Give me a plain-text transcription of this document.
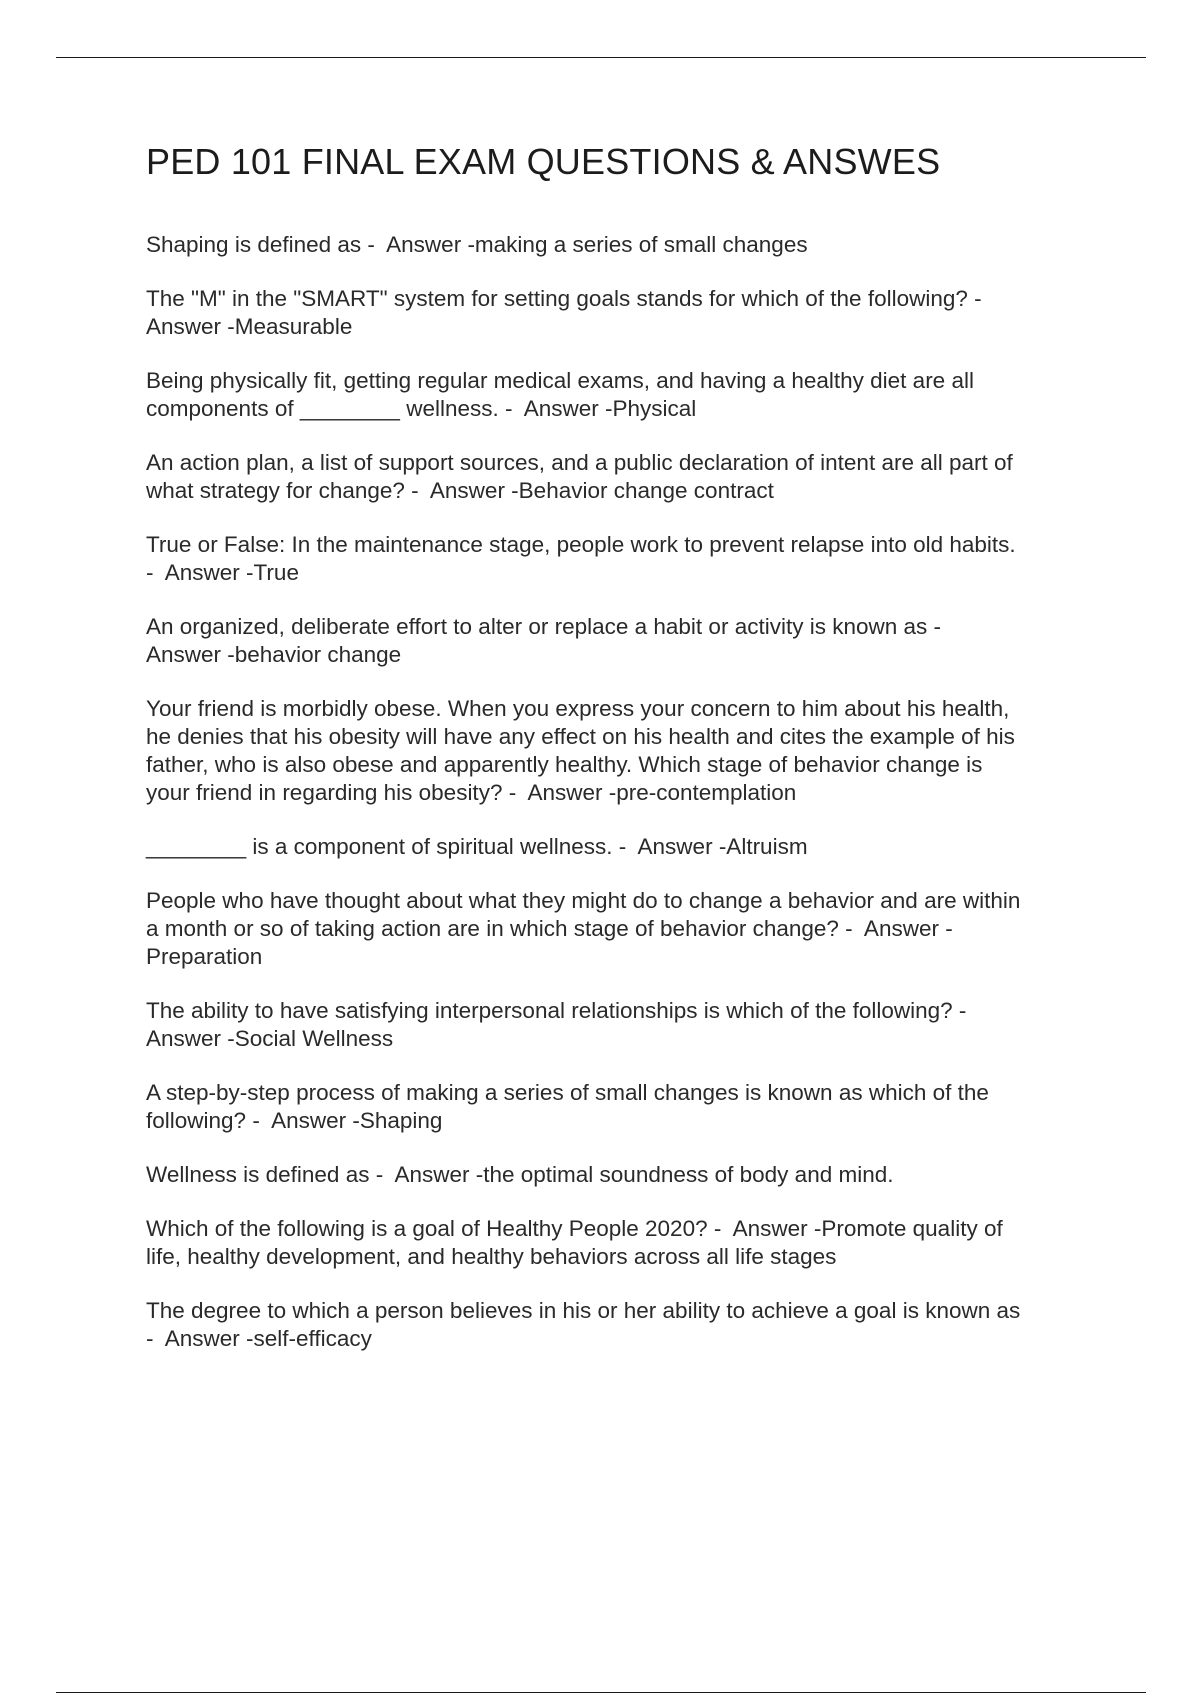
PED 101 FINAL EXAM QUESTIONS & ANSWES

Shaping is defined as -  Answer -making a series of small changes

The "M" in the "SMART" system for setting goals stands for which of the following? -
Answer -Measurable

Being physically fit, getting regular medical exams, and having a healthy diet are all
components of ________ wellness. -  Answer -Physical

An action plan, a list of support sources, and a public declaration of intent are all part of
what strategy for change? -  Answer -Behavior change contract

True or False: In the maintenance stage, people work to prevent relapse into old habits.
-  Answer -True

An organized, deliberate effort to alter or replace a habit or activity is known as -
Answer -behavior change

Your friend is morbidly obese. When you express your concern to him about his health,
he denies that his obesity will have any effect on his health and cites the example of his
father, who is also obese and apparently healthy. Which stage of behavior change is
your friend in regarding his obesity? -  Answer -pre-contemplation

________ is a component of spiritual wellness. -  Answer -Altruism

People who have thought about what they might do to change a behavior and are within
a month or so of taking action are in which stage of behavior change? -  Answer -
Preparation

The ability to have satisfying interpersonal relationships is which of the following? -
Answer -Social Wellness

A step-by-step process of making a series of small changes is known as which of the
following? -  Answer -Shaping

Wellness is defined as -  Answer -the optimal soundness of body and mind.

Which of the following is a goal of Healthy People 2020? -  Answer -Promote quality of
life, healthy development, and healthy behaviors across all life stages

The degree to which a person believes in his or her ability to achieve a goal is known as
-  Answer -self-efficacy
